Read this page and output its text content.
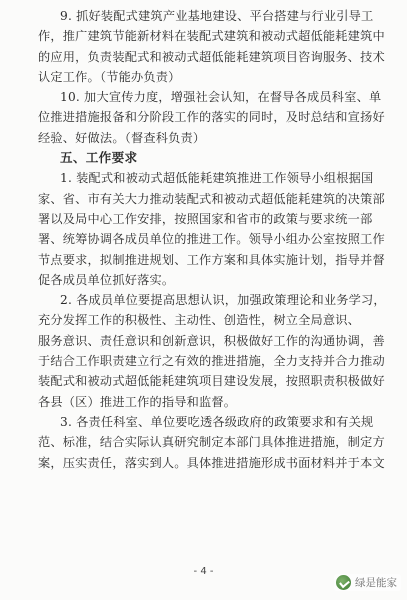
9. 抓好装配式建筑产业基地建设、平台搭建与行业引导工
作，推广建筑节能新材料在装配式建筑和被动式超低能耗建筑中
的应用，负责装配式和被动式超低能耗建筑项目咨询服务、技术
认定工作。（节能办负责）
10. 加大宣传力度，增强社会认知，在督导各成员科室、单
位推进措施报备和分阶段工作的落实的同时，及时总结和宣扬好
经验、好做法。（督查科负责）
五、工作要求
1. 装配式和被动式超低能耗建筑推进工作领导小组根据国
家、省、市有关大力推动装配式和被动式超低能耗建筑的决策部
署以及局中心工作安排，按照国家和省市的政策与要求统一部
署、统筹协调各成员单位的推进工作。领导小组办公室按照工作
节点要求，拟制推进规划、工作方案和具体实施计划，指导并督
促各成员单位抓好落实。
2. 各成员单位要提高思想认识，加强政策理论和业务学习，
充分发挥工作的积极性、主动性、创造性，树立全局意识、
服务意识、责任意识和创新意识，积极做好工作的沟通协调，善
于结合工作职责建立行之有效的推进措施，全力支持并合力推动
装配式和被动式超低能耗建筑项目建设发展，按照职责积极做好
各县（区）推进工作的指导和监督。
3. 各责任科室、单位要吃透各级政府的政策要求和有关规
范、标准，结合实际认真研究制定本部门具体推进措施，制定方
案，压实责任，落实到人。具体推进措施形成书面材料并于本文
- 4 -
绿是能家
